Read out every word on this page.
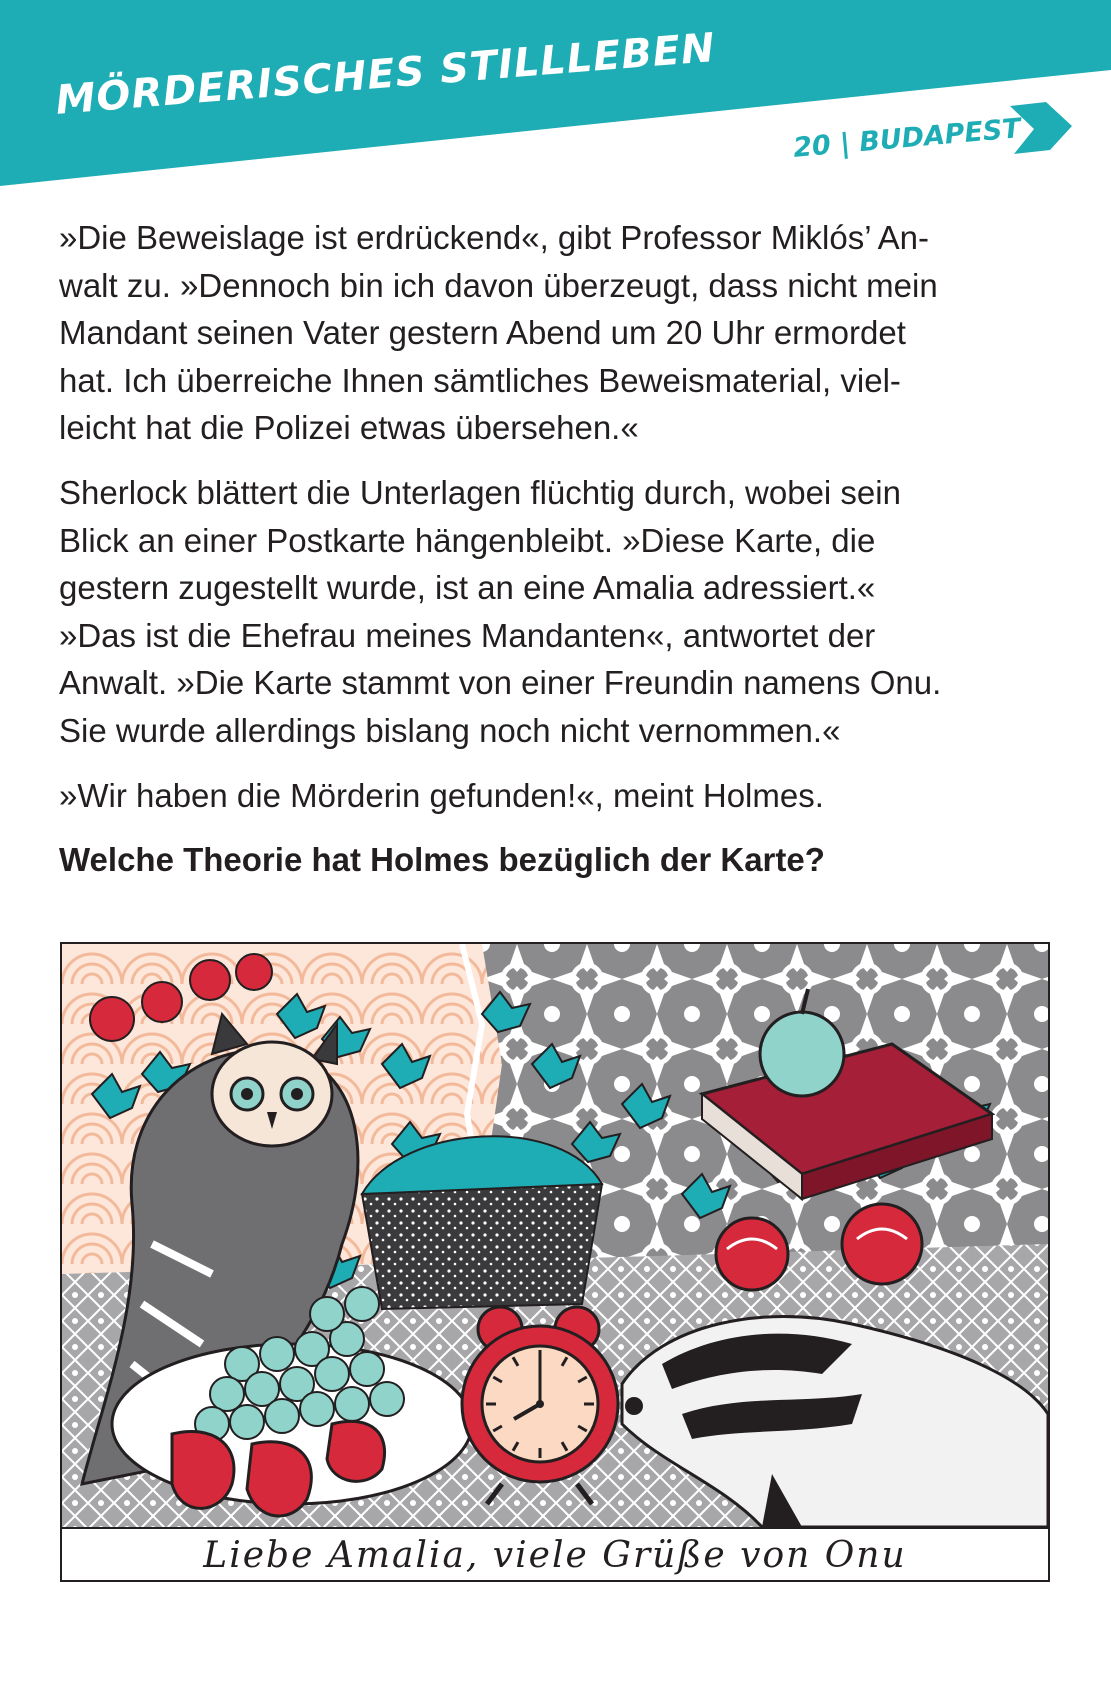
MÖRDERISCHES STILLLEBEN
20 | BUDAPEST

»Die Beweislage ist erdrückend«, gibt Professor Miklós’ An-
walt zu. »Dennoch bin ich davon überzeugt, dass nicht mein
Mandant seinen Vater gestern Abend um 20 Uhr ermordet
hat. Ich überreiche Ihnen sämtliches Beweismaterial, viel-
leicht hat die Polizei etwas übersehen.«

Sherlock blättert die Unterlagen flüchtig durch, wobei sein
Blick an einer Postkarte hängenbleibt. »Diese Karte, die
gestern zugestellt wurde, ist an eine Amalia adressiert.«
»Das ist die Ehefrau meines Mandanten«, antwortet der
Anwalt. »Die Karte stammt von einer Freundin namens Onu.
Sie wurde allerdings bislang noch nicht vernommen.«

»Wir haben die Mörderin gefunden!«, meint Holmes.

Welche Theorie hat Holmes bezüglich der Karte?

Liebe Amalia, viele Grüße von Onu
